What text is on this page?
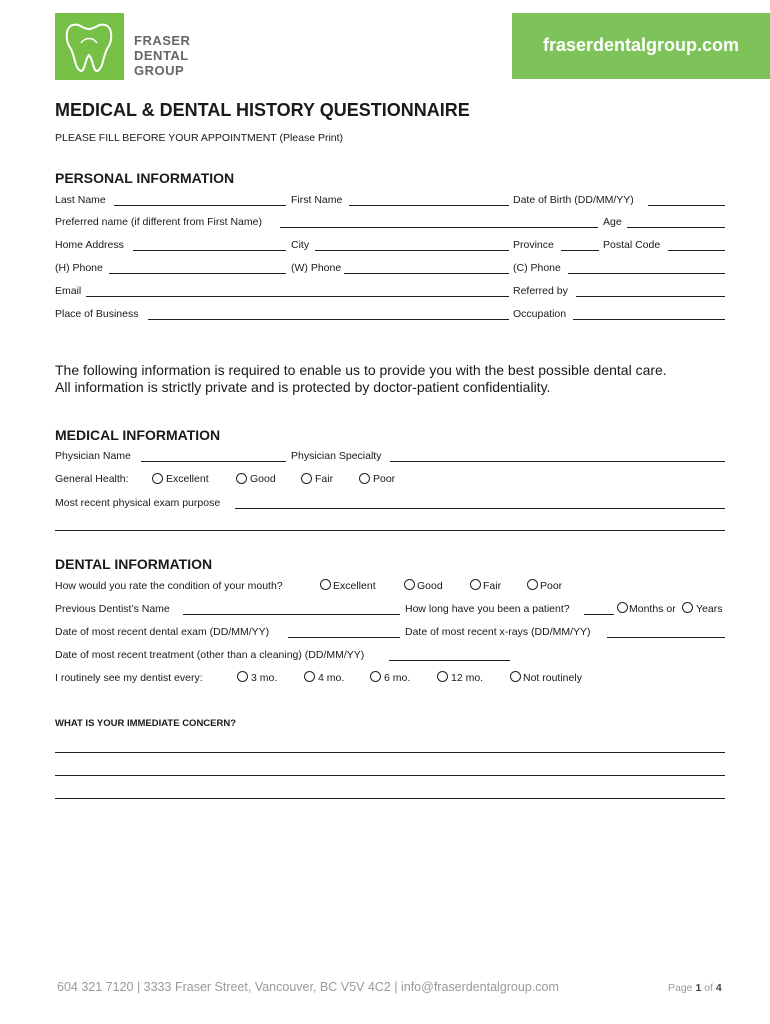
FRASER
DENTAL
GROUP
fraserdentalgroup.com
MEDICAL & DENTAL HISTORY QUESTIONNAIRE
PLEASE FILL BEFORE YOUR APPOINTMENT (Please Print)
PERSONAL INFORMATION
Last Name	First Name	Date of Birth (DD/MM/YY)
Preferred name (if different from First Name)	Age
Home Address	City	Province	Postal Code
(H) Phone	(W) Phone	(C) Phone
Email	Referred by
Place of Business	Occupation
The following information is required to enable us to provide you with the best possible dental care.
All information is strictly private and is protected by doctor-patient confidentiality.
MEDICAL INFORMATION
Physician Name	Physician Specialty
General Health:	Excellent	Good	Fair	Poor
Most recent physical exam purpose
DENTAL INFORMATION
How would you rate the condition of your mouth?	Excellent	Good	Fair	Poor
Previous Dentist’s Name	How long have you been a patient?	Months or Years
Date of most recent dental exam (DD/MM/YY)	Date of most recent x-rays (DD/MM/YY)
Date of most recent treatment (other than a cleaning) (DD/MM/YY)
I routinely see my dentist every:	3 mo.	4 mo.	6 mo.	12 mo.	Not routinely
WHAT IS YOUR IMMEDIATE CONCERN?
604 321 7120 | 3333 Fraser Street, Vancouver, BC V5V 4C2 | info@fraserdentalgroup.com	Page 1 of 4
